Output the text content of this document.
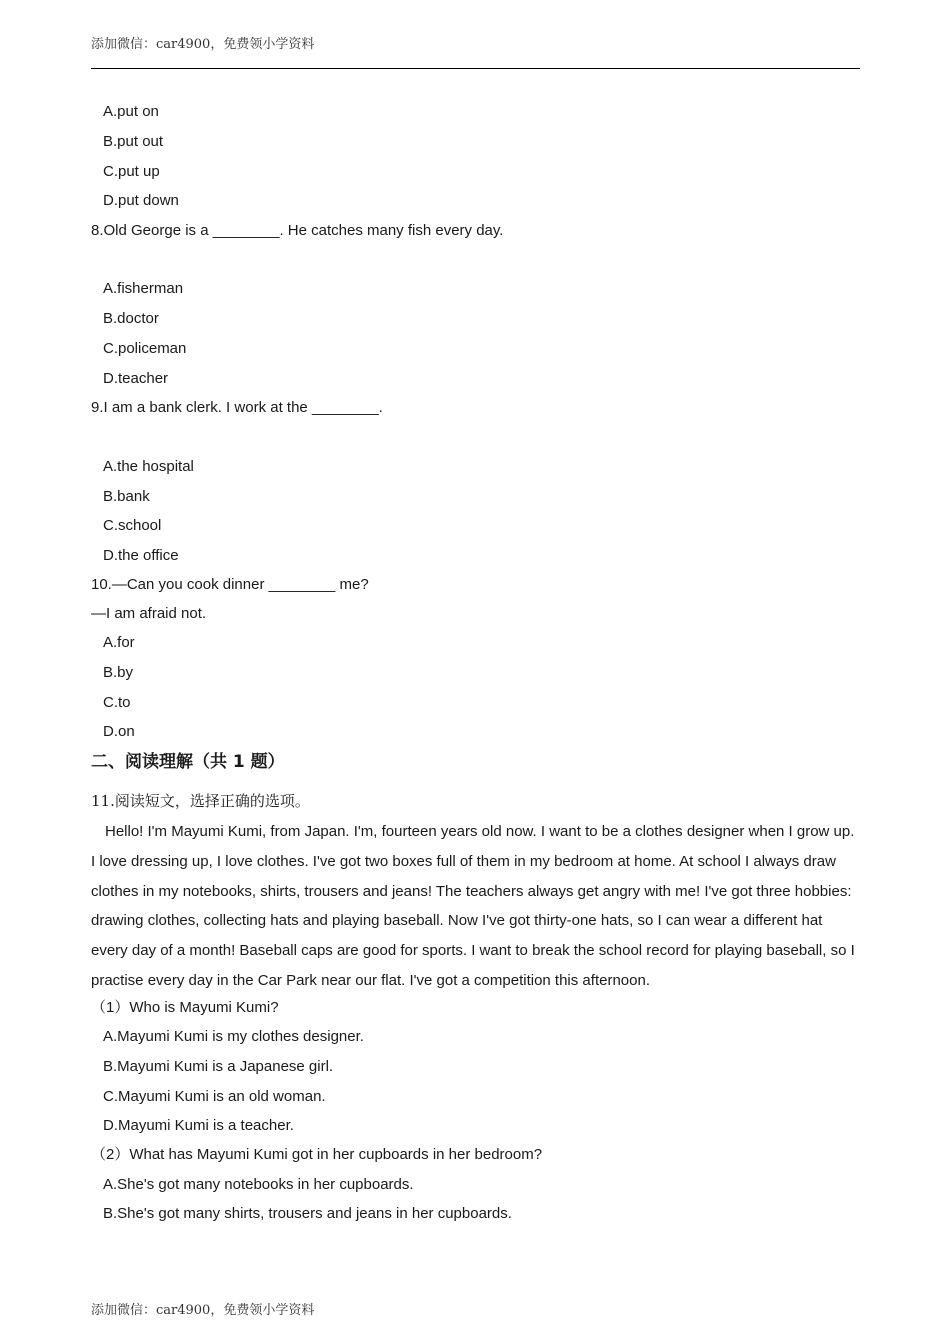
添加微信：car4900，免费领小学资料
A.put on
B.put out
C.put up
D.put down
8.Old George is a ________. He catches many fish every day.
A.fisherman
B.doctor
C.policeman
D.teacher
9.I am a bank clerk. I work at the ________.
A.the hospital
B.bank
C.school
D.the office
10.—Can you cook dinner ________ me?
—I am afraid not.
A.for
B.by
C.to
D.on
二、阅读理解（共 1 题）
11.阅读短文，选择正确的选项。

Hello! I'm Mayumi Kumi, from Japan. I'm, fourteen years old now. I want to be a clothes designer when I grow up. I love dressing up, I love clothes. I've got two boxes full of them in my bedroom at home. At school I always draw clothes in my notebooks, shirts, trousers and jeans! The teachers always get angry with me! I've got three hobbies: drawing clothes, collecting hats and playing baseball. Now I've got thirty-one hats, so I can wear a different hat every day of a month! Baseball caps are good for sports. I want to break the school record for playing baseball, so I practise every day in the Car Park near our flat. I've got a competition this afternoon.

（1）Who is Mayumi Kumi?
A.Mayumi Kumi is my clothes designer.
B.Mayumi Kumi is a Japanese girl.
C.Mayumi Kumi is an old woman.
D.Mayumi Kumi is a teacher.
（2）What has Mayumi Kumi got in her cupboards in her bedroom?
A.She's got many notebooks in her cupboards.
B.She's got many shirts, trousers and jeans in her cupboards.
添加微信：car4900，免费领小学资料
